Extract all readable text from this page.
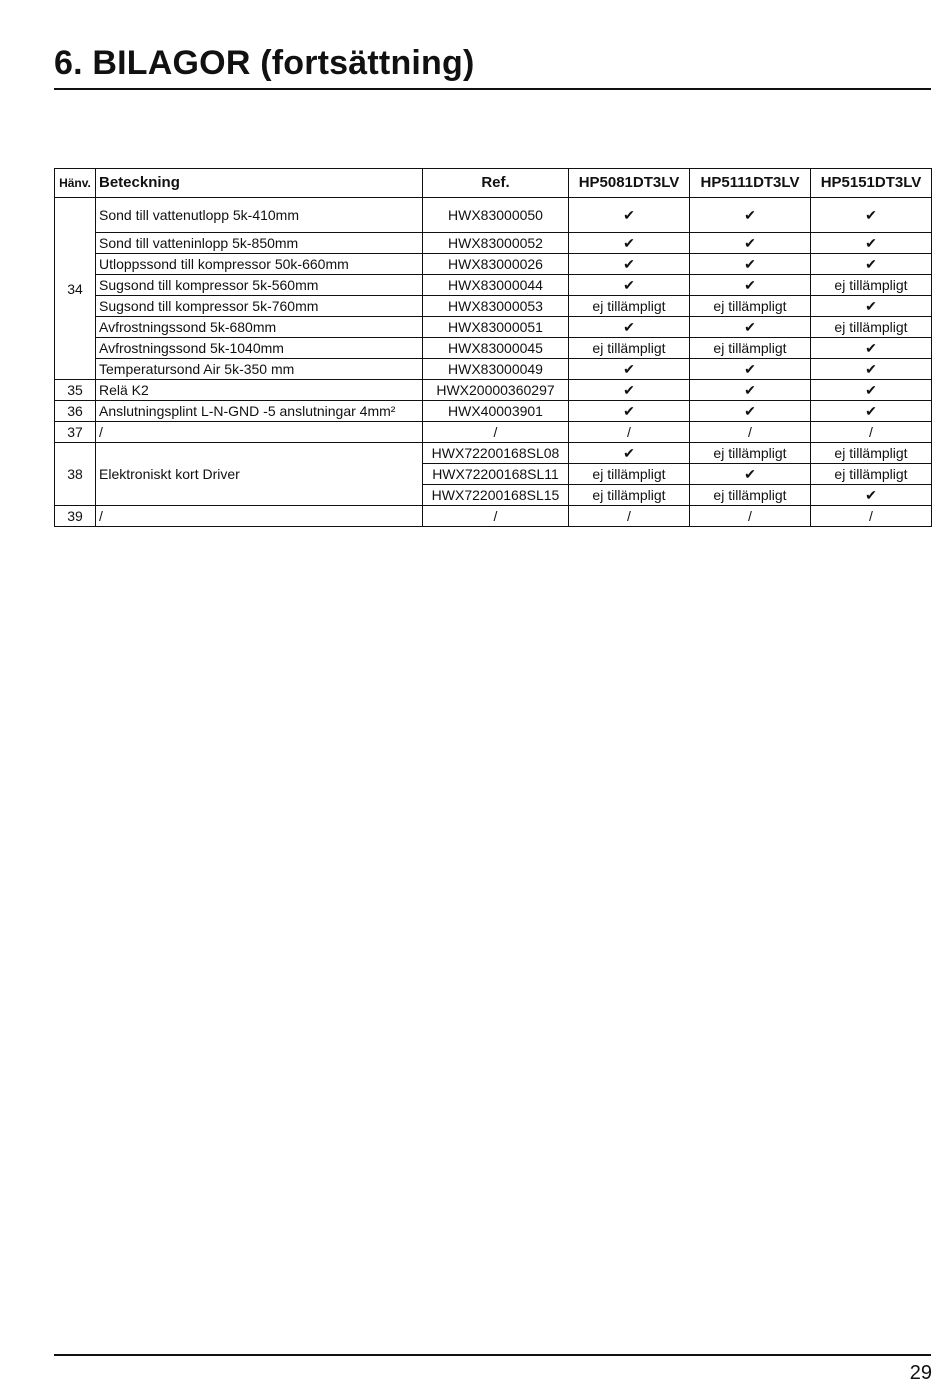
6. BILAGOR (fortsättning)
Hänv.	Beteckning	Ref.	HP5081DT3LV	HP5111DT3LV	HP5151DT3LV
34	Sond till vattenutlopp 5k-410mm	HWX83000050	✔	✔	✔
	Sond till vatteninlopp 5k-850mm	HWX83000052	✔	✔	✔
	Utloppssond till kompressor 50k-660mm	HWX83000026	✔	✔	✔
	Sugsond till kompressor 5k-560mm	HWX83000044	✔	✔	ej tillämpligt
	Sugsond till kompressor 5k-760mm	HWX83000053	ej tillämpligt	ej tillämpligt	✔
	Avfrostningssond 5k-680mm	HWX83000051	✔	✔	ej tillämpligt
	Avfrostningssond 5k-1040mm	HWX83000045	ej tillämpligt	ej tillämpligt	✔
	Temperatursond Air 5k-350 mm	HWX83000049	✔	✔	✔
35	Relä K2	HWX20000360297	✔	✔	✔
36	Anslutningsplint L-N-GND -5 anslutningar 4mm²	HWX40003901	✔	✔	✔
37	/	/	/	/	/
38	Elektroniskt kort Driver	HWX72200168SL08	✔	ej tillämpligt	ej tillämpligt
		HWX72200168SL11	ej tillämpligt	✔	ej tillämpligt
		HWX72200168SL15	ej tillämpligt	ej tillämpligt	✔
39	/	/	/	/	/
29
